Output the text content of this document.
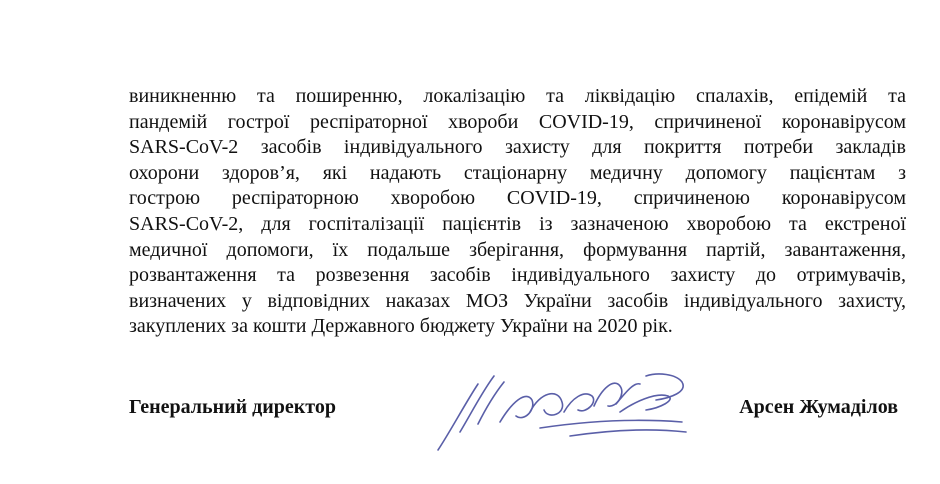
виникненню та поширенню, локалізацію та ліквідацію спалахів, епідемій та
пандемій гострої респіраторної хвороби COVID-19, спричиненої коронавірусом
SARS-CoV-2 засобів індивідуального захисту для покриття потреби закладів
охорони здоров’я, які надають стаціонарну медичну допомогу пацієнтам з
гострою респіраторною хворобою COVID-19, спричиненою коронавірусом
SARS-CoV-2, для госпіталізації пацієнтів із зазначеною хворобою та екстреної
медичної допомоги, їх подальше зберігання, формування партій, завантаження,
розвантаження та розвезення засобів індивідуального захисту до отримувачів,
визначених у відповідних наказах МОЗ України засобів індивідуального захисту,
закуплених за кошти Державного бюджету України на 2020 рік.
Генеральний директор	Арсен Жумаділов
